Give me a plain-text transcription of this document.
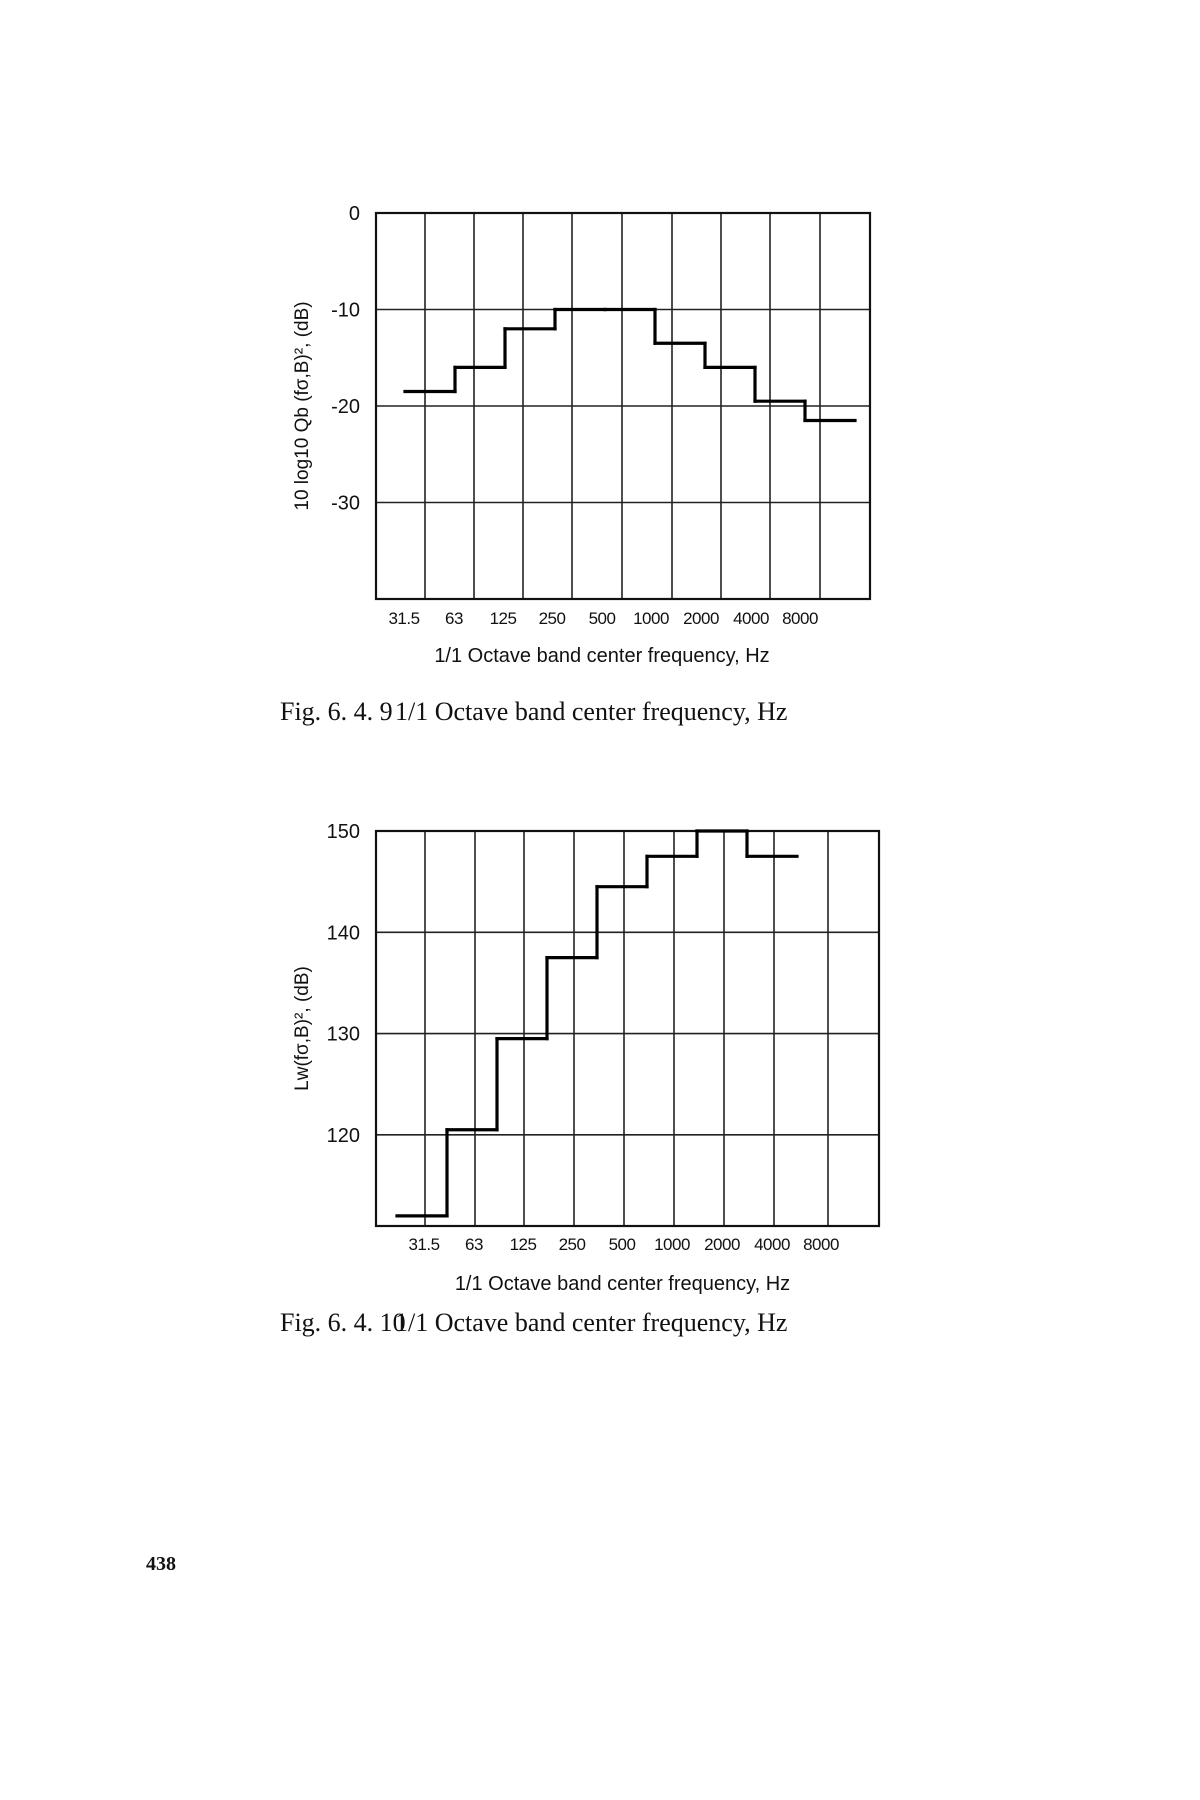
0
-10
-20
-30
31.5 63 125 250 500 1000 2000 4000 8000
1/1 Octave band center frequency, Hz
10 log10 Qb (fσ,B)², (dB)
150
140
130
120
31.5 63 125 250 500 1000 2000 4000 8000
1/1 Octave band center frequency, Hz
Lw(fσ,B)², (dB)
Fig. 6. 4. 91/1 Octave band center frequency, Hz
Fig. 6. 4. 101/1 Octave band center frequency, Hz
438
